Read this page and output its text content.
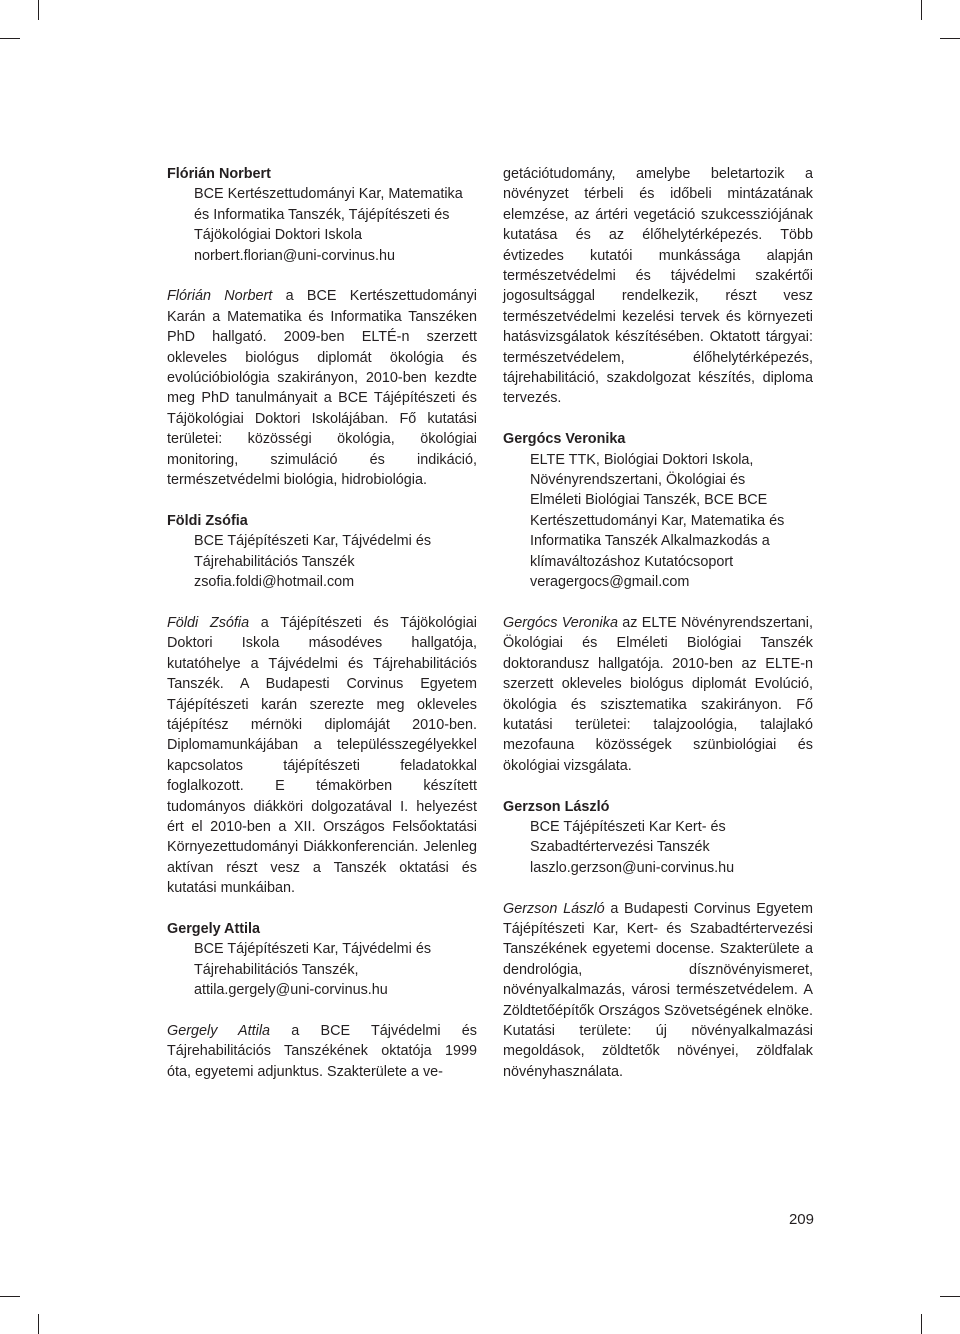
Flórián Norbert

BCE Kertészettudományi Kar, Matematika
és Informatika Tanszék, Tájépítészeti és
Tájökológiai Doktori Iskola
norbert.florian@uni-corvinus.hu

Flórián Norbert a BCE Kertészettudományi Karán a Matematika és Informatika Tanszéken PhD hallgató. 2009-ben ELTÉ-n szerzett okleveles biológus diplomát ökológia és evolúcióbiológia szakirányon, 2010-ben kezdte meg PhD tanulmányait a BCE Tájépítészeti és Tájökológiai Doktori Iskolájában. Fő kutatási területei: közösségi ökológia, ökológiai monitoring, szimuláció és indikáció, természetvédelmi biológia, hidrobiológia.

Földi Zsófia

BCE Tájépítészeti Kar, Tájvédelmi és
Tájrehabilitációs Tanszék
zsofia.foldi@hotmail.com

Földi Zsófia a Tájépítészeti és Tájökológiai Doktori Iskola másodéves hallgatója, kutatóhelye a Tájvédelmi és Tájrehabilitációs Tanszék. A Budapesti Corvinus Egyetem Tájépítészeti karán szerezte meg okleveles tájépítész mérnöki diplomáját 2010-ben. Diplomamunkájában a településszegélyekkel kapcsolatos tájépítészeti feladatokkal foglalkozott. E témakörben készített tudományos diákköri dolgozatával I. helyezést ért el 2010-ben a XII. Országos Felsőoktatási Környezettudományi Diákkonferencián. Jelenleg aktívan részt vesz a Tanszék oktatási és kutatási munkáiban.

Gergely Attila

BCE Tájépítészeti Kar, Tájvédelmi és
Tájrehabilitációs Tanszék,
attila.gergely@uni-corvinus.hu

Gergely Attila a BCE Tájvédelmi és Tájrehabilitációs Tanszékének oktatója 1999 óta, egyetemi adjunktus. Szakterülete a ve-

getációtudomány, amelybe beletartozik a növényzet térbeli és időbeli mintázatának elemzése, az ártéri vegetáció szukcessziójának kutatása és az élőhelytérképezés. Több évtizedes kutatói munkássága alapján természetvédelmi és tájvédelmi szakértői jogosultsággal rendelkezik, részt vesz természetvédelmi kezelési tervek és környezeti hatásvizsgálatok készítésében. Oktatott tárgyai: természetvédelem, élőhelytérképezés, tájrehabilitáció, szakdolgozat készítés, diploma tervezés.

Gergócs Veronika

ELTE TTK, Biológiai Doktori Iskola,
Növényrendszertani, Ökológiai és
Elméleti Biológiai Tanszék, BCE BCE
Kertészettudományi Kar, Matematika és
Informatika Tanszék Alkalmazkodás a
klímaváltozáshoz Kutatócsoport
veragergocs@gmail.com

Gergócs Veronika az ELTE Növényrendszertani, Ökológiai és Elméleti Biológiai Tanszék doktorandusz hallgatója. 2010-ben az ELTE-n szerzett okleveles biológus diplomát Evolúció, ökológia és szisztematika szakirányon. Fő kutatási területei: talajzoológia, talajlakó mezofauna közösségek szünbiológiai és ökológiai vizsgálata.

Gerzson László

BCE Tájépítészeti Kar Kert- és
Szabadtértervezési Tanszék
laszlo.gerzson@uni-corvinus.hu

Gerzson László a Budapesti Corvinus Egyetem Tájépítészeti Kar, Kert- és Szabadtértervezési Tanszékének egyetemi docense. Szakterülete a dendrológia, dísznövényismeret, növényalkalmazás, városi természetvédelem. A Zöldtetőépítők Országos Szövetségének elnöke. Kutatási területe: új növényalkalmazási megoldások, zöldtetők növényei, zöldfalak növényhasználata.

209
